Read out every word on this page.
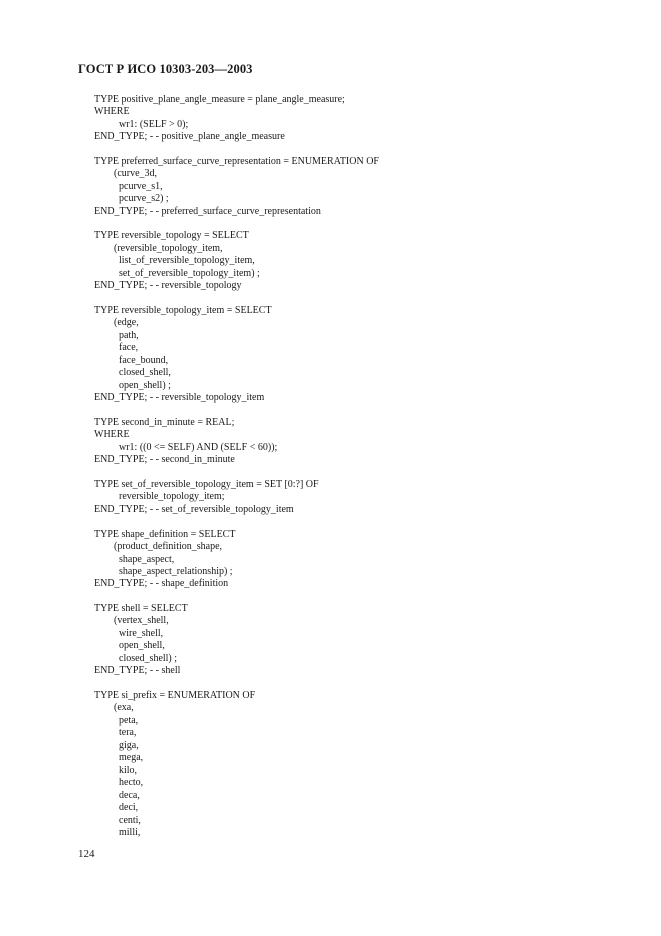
ГОСТ Р ИСО 10303-203—2003
TYPE positive_plane_angle_measure = plane_angle_measure;
WHERE
wr1: (SELF > 0);
END_TYPE; - - positive_plane_angle_measure
TYPE preferred_surface_curve_representation = ENUMERATION OF
(curve_3d,
pcurve_s1,
pcurve_s2) ;
END_TYPE; - - preferred_surface_curve_representation
TYPE reversible_topology = SELECT
(reversible_topology_item,
list_of_reversible_topology_item,
set_of_reversible_topology_item) ;
END_TYPE; - - reversible_topology
TYPE reversible_topology_item = SELECT
(edge,
path,
face,
face_bound,
closed_shell,
open_shell) ;
END_TYPE; - - reversible_topology_item
TYPE second_in_minute = REAL;
WHERE
wr1: ((0 <= SELF) AND (SELF < 60));
END_TYPE; - - second_in_minute
TYPE set_of_reversible_topology_item = SET [0:?] OF
reversible_topology_item;
END_TYPE; - - set_of_reversible_topology_item
TYPE shape_definition = SELECT
(product_definition_shape,
shape_aspect,
shape_aspect_relationship) ;
END_TYPE; - - shape_definition
TYPE shell = SELECT
(vertex_shell,
wire_shell,
open_shell,
closed_shell) ;
END_TYPE; - - shell
TYPE si_prefix = ENUMERATION OF
(exa,
peta,
tera,
giga,
mega,
kilo,
hecto,
deca,
deci,
centi,
milli,
124
